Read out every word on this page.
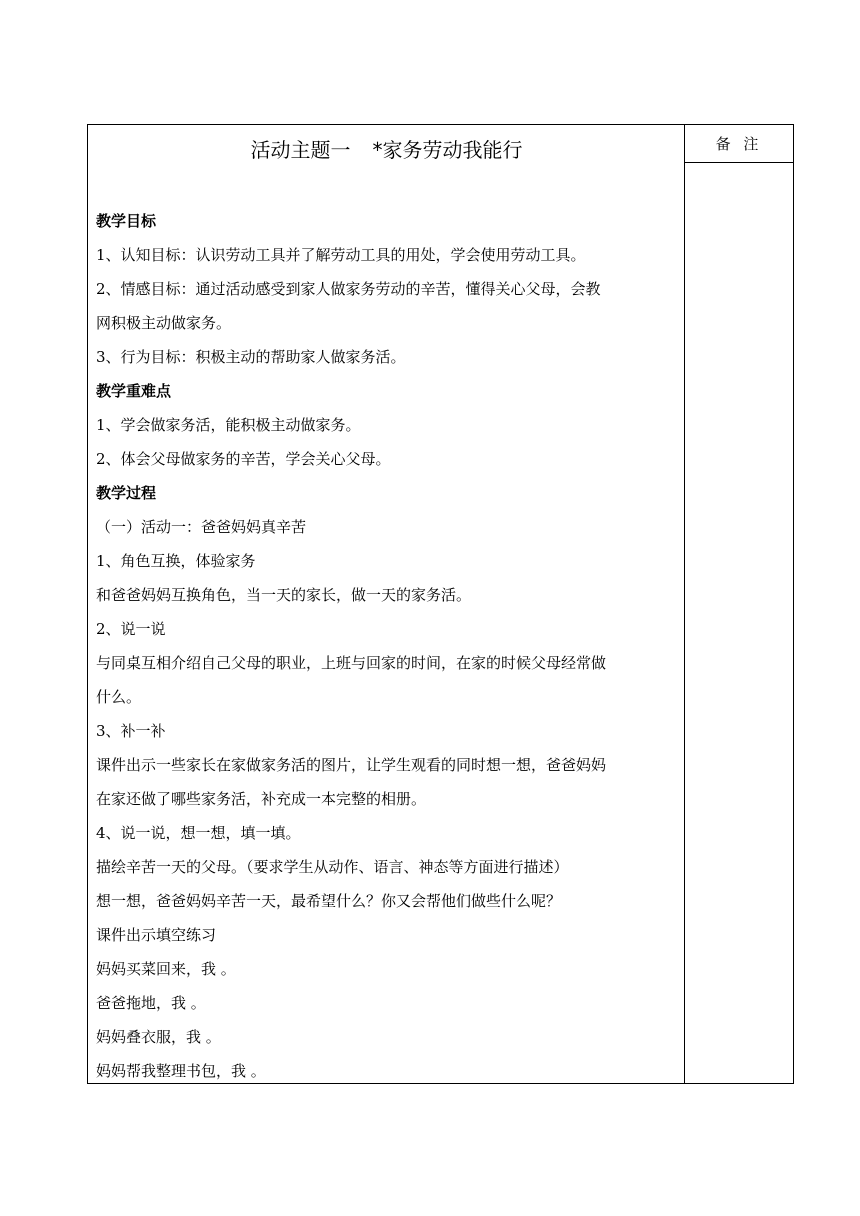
活动主题一 *家务劳动我能行
教学目标
1、认知目标：认识劳动工具并了解劳动工具的用处，学会使用劳动工具。
2、情感目标：通过活动感受到家人做家务劳动的辛苦，懂得关心父母，会教
网积极主动做家务。
3、行为目标：积极主动的帮助家人做家务活。
教学重难点
1、学会做家务活，能积极主动做家务。
2、体会父母做家务的辛苦，学会关心父母。
教学过程
（一）活动一：爸爸妈妈真辛苦
1、角色互换，体验家务
和爸爸妈妈互换角色，当一天的家长，做一天的家务活。
2、说一说
与同桌互相介绍自己父母的职业，上班与回家的时间，在家的时候父母经常做
什么。
3、补一补
课件出示一些家长在家做家务活的图片，让学生观看的同时想一想，爸爸妈妈
在家还做了哪些家务活，补充成一本完整的相册。
4、说一说，想一想，填一填。
描绘辛苦一天的父母。（要求学生从动作、语言、神态等方面进行描述）
想一想，爸爸妈妈辛苦一天，最希望什么？你又会帮他们做些什么呢？
课件出示填空练习
妈妈买菜回来，我 。
爸爸拖地，我 。
妈妈叠衣服，我 。
妈妈帮我整理书包，我 。
备 注
